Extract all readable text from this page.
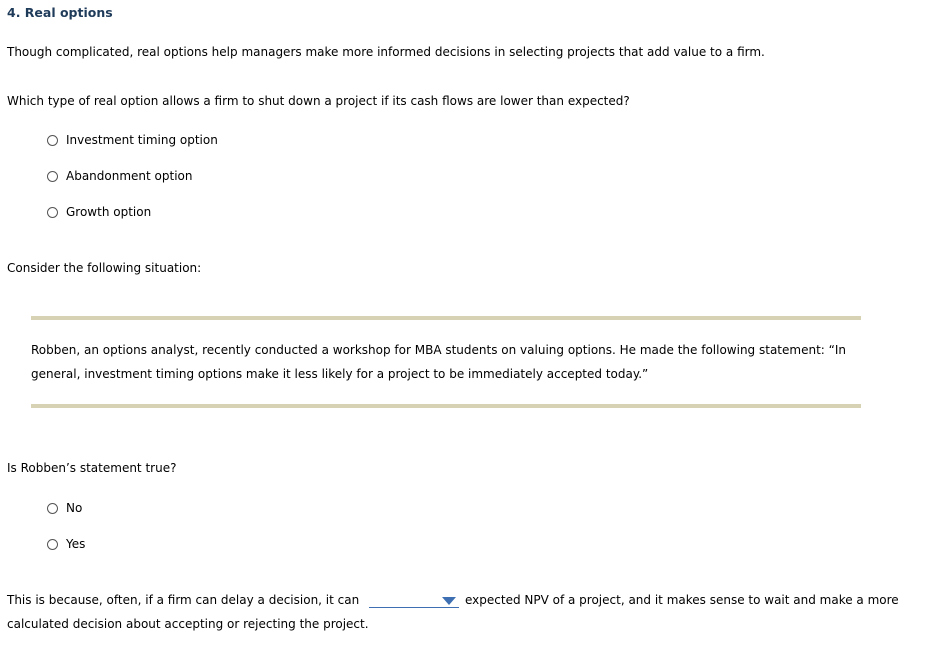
4. Real options
Though complicated, real options help managers make more informed decisions in selecting projects that add value to a firm.
Which type of real option allows a firm to shut down a project if its cash flows are lower than expected?
Investment timing option
Abandonment option
Growth option
Consider the following situation:
Robben, an options analyst, recently conducted a workshop for MBA students on valuing options. He made the following statement: “In
general, investment timing options make it less likely for a project to be immediately accepted today.”
Is Robben’s statement true?
No
Yes
This is because, often, if a firm can delay a decision, it can	expected NPV of a project, and it makes sense to wait and make a more
calculated decision about accepting or rejecting the project.
